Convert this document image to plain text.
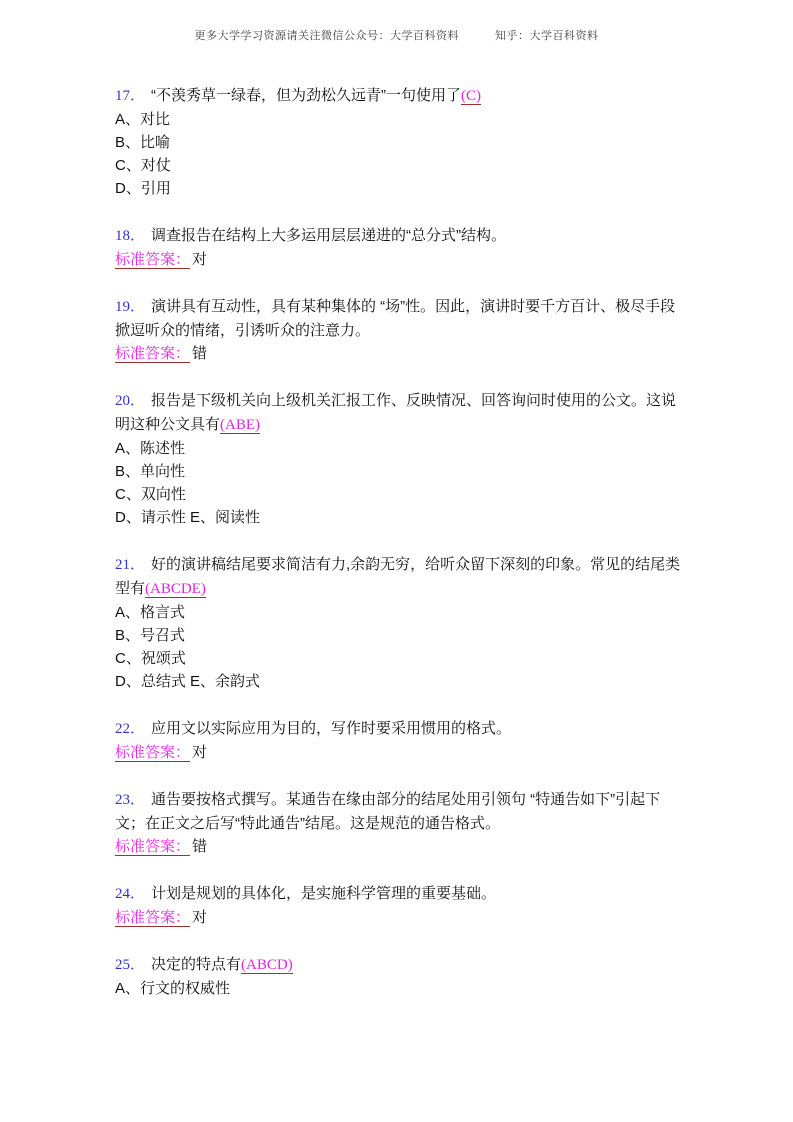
更多大学学习资源请关注微信公众号：大学百科资料	知乎：大学百科资料

17． “不羡秀草一绿春，但为劲松久远青”一句使用了(C)

A、对比

B、比喻

C、对仗

D、引用

18． 调查报告在结构上大多运用层层递进的“总分式”结构。

标准答案： 对

19． 演讲具有互动性，具有某种集体的 “场”性。因此，演讲时要千方百计、极尽手段掀逗听众的情绪，引诱听众的注意力。

标准答案： 错

20． 报告是下级机关向上级机关汇报工作、反映情况、回答询问时使用的公文。这说明这种公文具有(ABE)

A、陈述性

B、单向性

C、双向性

D、请示性 E、阅读性

21． 好的演讲稿结尾要求简洁有力,余韵无穷，给听众留下深刻的印象。常见的结尾类型有(ABCDE)

A、格言式

B、号召式

C、祝颂式

D、总结式 E、余韵式

22． 应用文以实际应用为目的，写作时要采用惯用的格式。

标准答案： 对

23． 通告要按格式撰写。某通告在缘由部分的结尾处用引领句 “特通告如下”引起下文；在正文之后写“特此通告”结尾。这是规范的通告格式。

标准答案： 错

24． 计划是规划的具体化，是实施科学管理的重要基础。

标准答案： 对

25． 决定的特点有(ABCD)

A、行文的权威性
